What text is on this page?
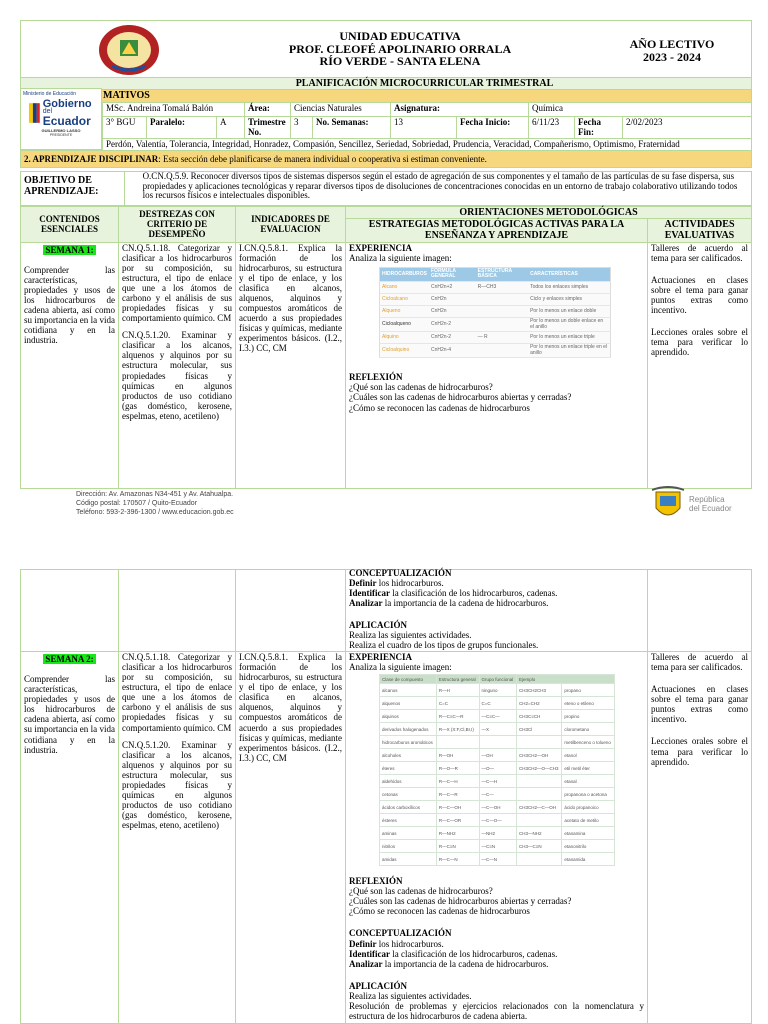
UNIDAD EDUCATIVA
PROF. CLEOFÉ APOLINARIO ORRALA
RÍO VERDE - SANTA ELENA
AÑO LECTIVO
2023 - 2024
PLANIFICACIÓN MICROCURRICULAR TRIMESTRAL											
MATIVOS											
	MSc. Andreina Tomalá Balón			Área:	Ciencias Naturales		Asignatura:		Química		
	3° BGU	Paralelo:	A	Trimestre No.	3	No. Semanas:	13	Fecha Inicio:	6/11/23	Fecha Fin:	2/02/2023
	Perdón, Valentía, Tolerancia, Integridad, Honradez, Compasión, Sencillez, Seriedad, Sobriedad, Prudencia, Veracidad, Compañerismo, Optimismo, Fraternidad										
2. APRENDIZAJE DISCIPLINAR: Esta sección debe planificarse de manera individual o cooperativa si estiman conveniente.											
Ministerio de Educación
Gobierno
del Ecuador
GUILLERMO LASSO
PRESIDENTE
OBJETIVO DE APRENDIZAJE:	O.CN.Q.5.9. Reconocer diversos tipos de sistemas dispersos según el estado de agregación de sus componentes y el tamaño de las partículas de su fase dispersa, sus propiedades y aplicaciones tecnológicas y reparar diversos tipos de disoluciones de concentraciones conocidas en un entorno de trabajo colaborativo utilizando todos los recursos físicos e intelectuales disponibles.
CONTENIDOS ESENCIALES	DESTREZAS CON CRITERIO DE DESEMPEÑO	INDICADORES DE EVALUACION	ORIENTACIONES METODOLÓGICAS
ESTRATEGIAS METODOLÓGICAS ACTIVAS PARA LA ENSEÑANZA Y APRENDIZAJE	ACTIVIDADES EVALUATIVAS

SEMANA 1:
Comprender las características, propiedades y usos de los hidrocarburos de cadena abierta, así como su importancia en la vida cotidiana y en la industria.

CN.Q.5.1.18. Categorizar y clasificar a los hidrocarburos por su composición, su estructura, el tipo de enlace que une a los átomos de carbono y el análisis de sus propiedades físicas y su comportamiento químico. CM
CN.Q.5.1.20. Examinar y clasificar a los alcanos, alquenos y alquinos por su estructura molecular, sus propiedades físicas y químicas en algunos productos de uso cotidiano (gas doméstico, kerosene, espelmas, eteno, acetileno)
	I.CN.Q.5.8.1. Explica la formación de los hidrocarburos, su estructura y el tipo de enlace, y los clasifica en alcanos, alquenos, alquinos y compuestos aromáticos de acuerdo a sus propiedades físicas y químicas, mediante experimentos básicos. (I.2., I.3.) CC, CM	
EXPERIENCIA
Analiza la siguiente imagen:
HIDROCARBUROS	FÓRMULA GENERAL	ESTRUCTURA BÁSICA	CARACTERÍSTICAS
Alcano	CnH2n+2	R—CH3	Todos los enlaces simples
Cicloalcano	CnH2n		Ciclo y enlaces simples
Alqueno	CnH2n		Por lo menos un enlace doble
Cicloalqueno	CnH2n-2		Por lo menos un doble enlace en el anillo
Alquino	CnH2n-2	— R	Por lo menos un enlace triple
Cicloalquino	CnH2n-4		Por lo menos un enlace triple en el anillo
REFLEXIÓN
¿Qué son las cadenas de hidrocarburos?
¿Cuáles son las cadenas de hidrocarburos abiertas y cerradas?
¿Cómo se reconocen las cadenas de hidrocarburos

Talleres de acuerdo al tema para ser calificados.
Actuaciones en clases sobre el tema para ganar puntos extras como incentivo.
Lecciones orales sobre el tema para verificar lo aprendido.
Dirección: Av. Amazonas N34-451 y Av. Atahualpa.
Código postal: 170507 / Quito-Ecuador
Teléfono: 593-2-396-1300 / www.educacion.gob.ec
República
del Ecuador

CONCEPTUALIZACIÓN
Definir los hidrocarburos.
Identificar la clasificación de los hidrocarburos, cadenas.
Analizar la importancia de la cadena de hidrocarburos.
APLICACIÓN
Realiza las siguientes actividades.
Realiza el cuadro de los tipos de grupos funcionales.

SEMANA 2:
Comprender las características, propiedades y usos de los hidrocarburos de cadena abierta, así como su importancia en la vida cotidiana y en la industria.

CN.Q.5.1.18. Categorizar y clasificar a los hidrocarburos por su composición, su estructura, el tipo de enlace que une a los átomos de carbono y el análisis de sus propiedades físicas y su comportamiento químico. CM
CN.Q.5.1.20. Examinar y clasificar a los alcanos, alquenos y alquinos por su estructura molecular, sus propiedades físicas y químicas en algunos productos de uso cotidiano (gas doméstico, kerosene, espelmas, eteno, acetileno)
	I.CN.Q.5.8.1. Explica la formación de los hidrocarburos, su estructura y el tipo de enlace, y los clasifica en alcanos, alquenos, alquinos y compuestos aromáticos de acuerdo a sus propiedades físicas y químicas, mediante experimentos básicos. (I.2., I.3.) CC, CM	
EXPERIENCIA
Analiza la siguiente imagen:
Clase de compuesto	Estructura general	Grupo funcional	Ejemplo
alcanos	R—H	ninguno	CH3CH2CH3	propano
alquenos	C=C	C=C	CH2=CH2	eteno o etileno
alquinos	R—C≡C—R	—C≡C—	CH3C≡CH	propino
derivados halogenados	R—X (X:F,Cl,Br,I)	—X	CH3Cl	clorometano
hidrocarburos aromáticos				metilbenceno o tolueno
alcoholes	R—OH	—OH	CH3CH2—OH	etanol
éteres	R—O—R	—O—	CH3CH2—O—CH3	etil metil éter
aldehídos	R—C—H	—C—H		etanal
cetonas	R—C—R	—C—		propanona o acetona
ácidos carboxílicos	R—C—OH	—C—OH	CH3CH2—C—OH	ácido propanoico
ésteres	R—C—OR	—C—O—		acetato de metilo
aminas	R—NH2	—NH2	CH3—NH2	etanamina
nitrilos	R—C≡N	—C≡N	CH3—C≡N	etanonitrilo
amidas	R—C—N	—C—N		etanamida
REFLEXIÓN
¿Qué son las cadenas de hidrocarburos?
¿Cuáles son las cadenas de hidrocarburos abiertas y cerradas?
¿Cómo se reconocen las cadenas de hidrocarburos
CONCEPTUALIZACIÓN
Definir los hidrocarburos.
Identificar la clasificación de los hidrocarburos, cadenas.
Analizar la importancia de la cadena de hidrocarburos.
APLICACIÓN
Realiza las siguientes actividades.
Resolución de problemas y ejercicios relacionados con la nomenclatura y estructura de los hidrocarburos de cadena abierta.

Talleres de acuerdo al tema para ser calificados.
Actuaciones en clases sobre el tema para ganar puntos extras como incentivo.
Lecciones orales sobre el tema para verificar lo aprendido.
